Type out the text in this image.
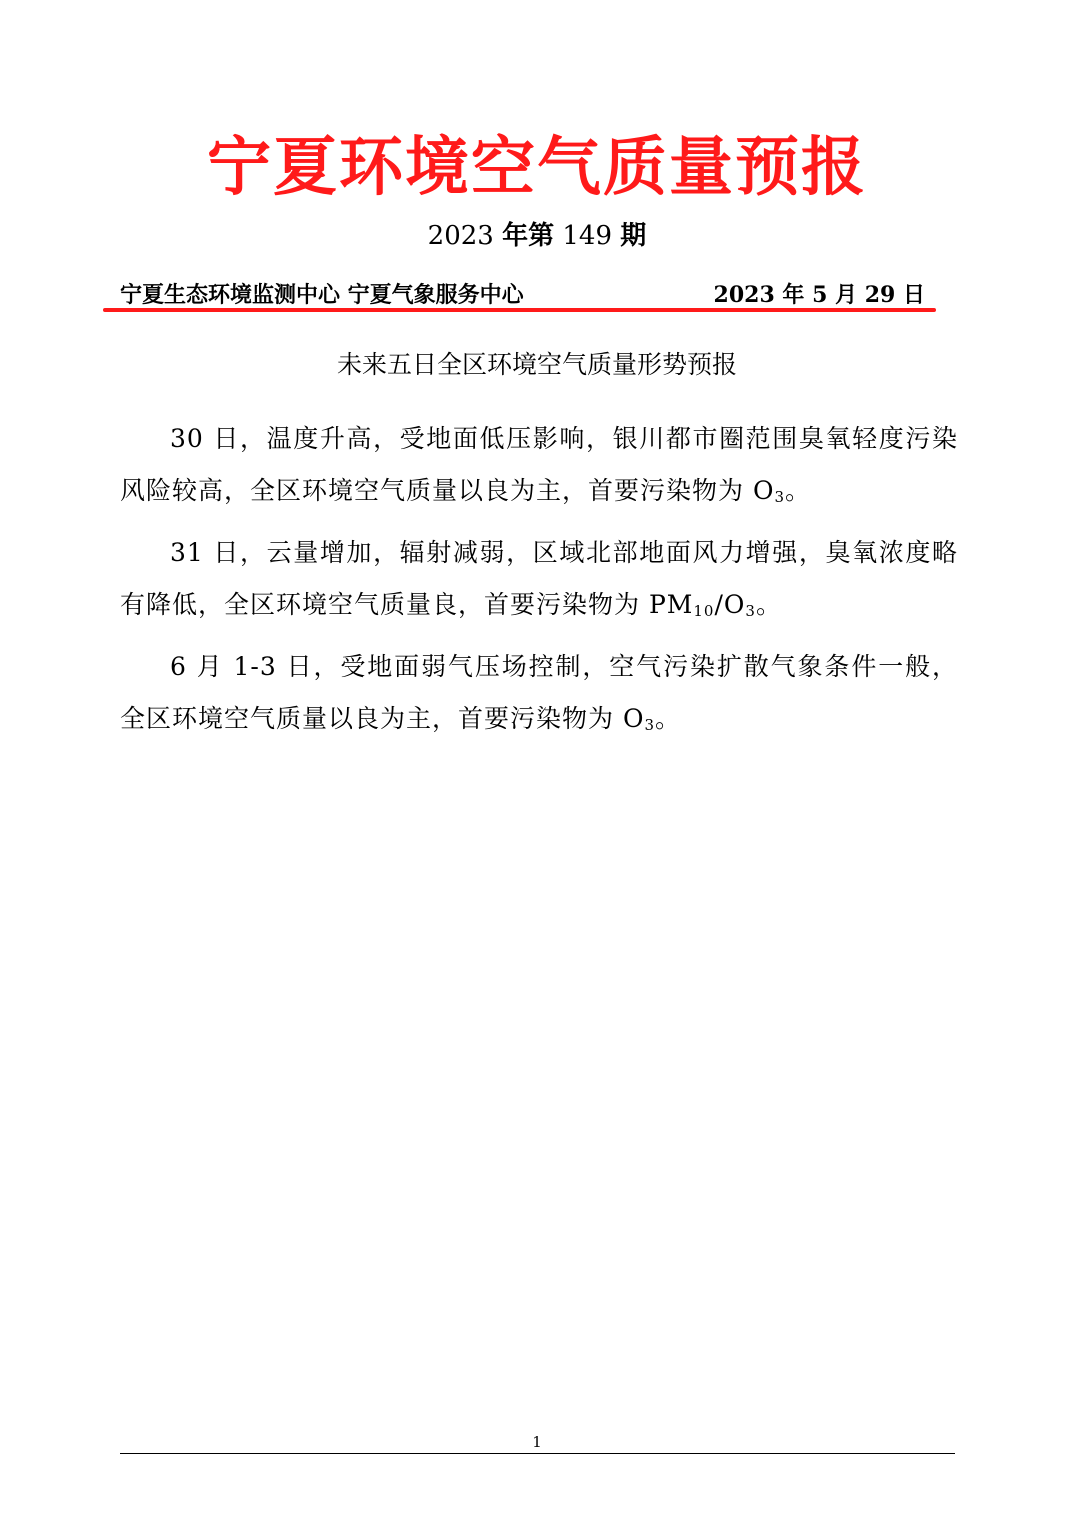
宁夏环境空气质量预报
2023 年第 149 期
宁夏生态环境监测中心 宁夏气象服务中心	2023 年 5 月 29 日
未来五日全区环境空气质量形势预报

30 日，温度升高，受地面低压影响，银川都市圈范围臭氧轻度污染风险较高，全区环境空气质量以良为主，首要污染物为 $O_3$。

31 日，云量增加，辐射减弱，区域北部地面风力增强，臭氧浓度略有降低，全区环境空气质量良，首要污染物为 $PM_{10}/O_3$。

6 月 1-3 日，受地面弱气压场控制，空气污染扩散气象条件一般，全区环境空气质量以良为主，首要污染物为 $O_3$。

1
